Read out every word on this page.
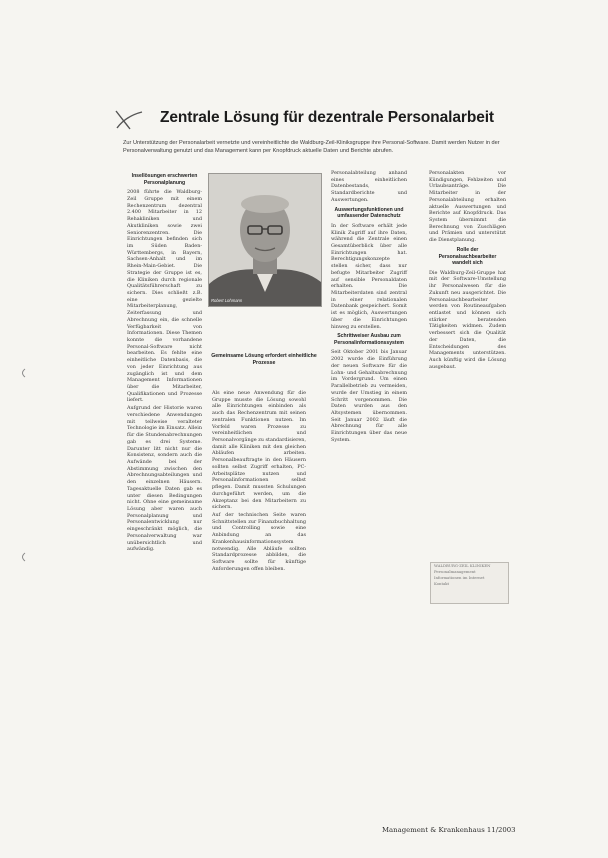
Zentrale Lösung für dezentrale Personalarbeit
Zur Unterstützung der Personalarbeit vernetzte und vereinheitlichte die Waldburg-Zeil-Kliniksgruppe ihre Personal-Software. Damit werden Nutzer in der Personalverwaltung genutzt und das Management kann per Knopfdruck aktuelle Daten und Berichte abrufen.
Insellösungen erschwerten Personalplanung

2008 führte die Waldburg-Zeil Gruppe mit einem Rechenzentrum dezentral 2.400 Mitarbeiter in 12 Rehakliniken und Akutkliniken sowie zwei Seniorenzentren. Die Einrichtungen befinden sich im Süden Baden-Württembergs, in Bayern, Sachsen-Anhalt und im Rhein-Main-Gebiet. Die Strategie der Gruppe ist es, die Kliniken durch regionale Qualitätsführerschaft zu sichern. Dies schließt z.B. eine gezielte Mitarbeiterplanung, Zeiterfassung und Abrechnung ein, die schnelle Verfügbarkeit von Informationen. Diese Themen konnte die vorhandene Personal-Software nicht bearbeiten. Es fehlte eine einheitliche Datenbasis, die von jeder Einrichtung aus zugänglich ist und dem Management Informationen über die Mitarbeiter, Qualifikationen und Prozesse liefert.

Aufgrund der Historie waren verschiedene Anwendungen mit teilweise veralteter Technologie im Einsatz. Allein für die Stundenabrechnungen gab es drei Systeme. Darunter litt nicht nur die Konsistenz, sondern auch die Aufwände bei der Abstimmung zwischen den Abrechnungsabteilungen und den einzelnen Häusern. Tagesaktuelle Daten gab es unter diesen Bedingungen nicht. Ohne eine gemeinsame Lösung aber waren auch Personalplanung und Personalentwicklung nur eingeschränkt möglich, die Personalverwaltung war unübersichtlich und aufwändig.

Robert Lohmann
Gemeinsame Lösung erfordert einheitliche Prozesse

Als eine neue Anwendung für die Gruppe musste die Lösung sowohl alle Einrichtungen einbinden als auch das Rechenzentrum mit seinen zentralen Funktionen nutzen. Im Vorfeld waren Prozesse zu vereinheitlichen und Personalvorgänge zu standardisieren, damit alle Kliniken mit den gleichen Abläufen arbeiten. Personalbeauftragte in den Häusern sollten selbst Zugriff erhalten, PC-Arbeitsplätze nutzen und Personalinformationen selbst pflegen. Damit mussten Schulungen durchgeführt werden, um die Akzeptanz bei den Mitarbeitern zu sichern.

Auf der technischen Seite waren Schnittstellen zur Finanzbuchhaltung und Controlling sowie eine Anbindung an das Krankenhausinformationssystem notwendig. Alle Abläufe sollten Standardprozesse abbilden, die Software sollte für künftige Anforderungen offen bleiben.

Personalabteilung anhand eines einheitlichen Datenbestands, Standardberichte und Auswertungen.

Auswertungsfunktionen und umfassender Datenschutz

In der Software erhält jede Klinik Zugriff auf ihre Daten, während die Zentrale einen Gesamtüberblick über alle Einrichtungen hat. Berechtigungskonzepte stellen sicher, dass nur befugte Mitarbeiter Zugriff auf sensible Personaldaten erhalten. Die Mitarbeiterdaten sind zentral in einer relationalen Datenbank gespeichert. Somit ist es möglich, Auswertungen über die Einrichtungen hinweg zu erstellen.

Schrittweiser Ausbau zum Personalinformationssystem

Seit Oktober 2001 bis Januar 2002 wurde die Einführung der neuen Software für die Lohn- und Gehaltsabrechnung im Vordergrund. Um einen Parallelbetrieb zu vermeiden, wurde der Umstieg in einem Schritt vorgenommen. Die Daten wurden aus den Altsystemen übernommen. Seit Januar 2002 läuft die Abrechnung für alle Einrichtungen über das neue System.

Personalakten vor Kündigungen, Fehlzeiten und Urlaubsanträge. Die Mitarbeiter in der Personalabteilung erhalten aktuelle Auswertungen und Berichte auf Knopfdruck. Das System übernimmt die Berechnung von Zuschlägen und Prämien und unterstützt die Dienstplanung.

Rolle der Personalsachbearbeiter wandelt sich

Die Waldburg-Zeil-Gruppe hat mit der Software-Umstellung ihr Personalwesen für die Zukunft neu ausgerichtet. Die Personalsachbearbeiter werden von Routineaufgaben entlastet und können sich stärker beratenden Tätigkeiten widmen. Zudem verbessert sich die Qualität der Daten, die Entscheidungen des Managements unterstützen. Auch künftig wird die Lösung ausgebaut.

WALDBURG-ZEIL KLINIKEN
Personalmanagement
Informationen im Internet
Kontakt
Management & Krankenhaus 11/2003
